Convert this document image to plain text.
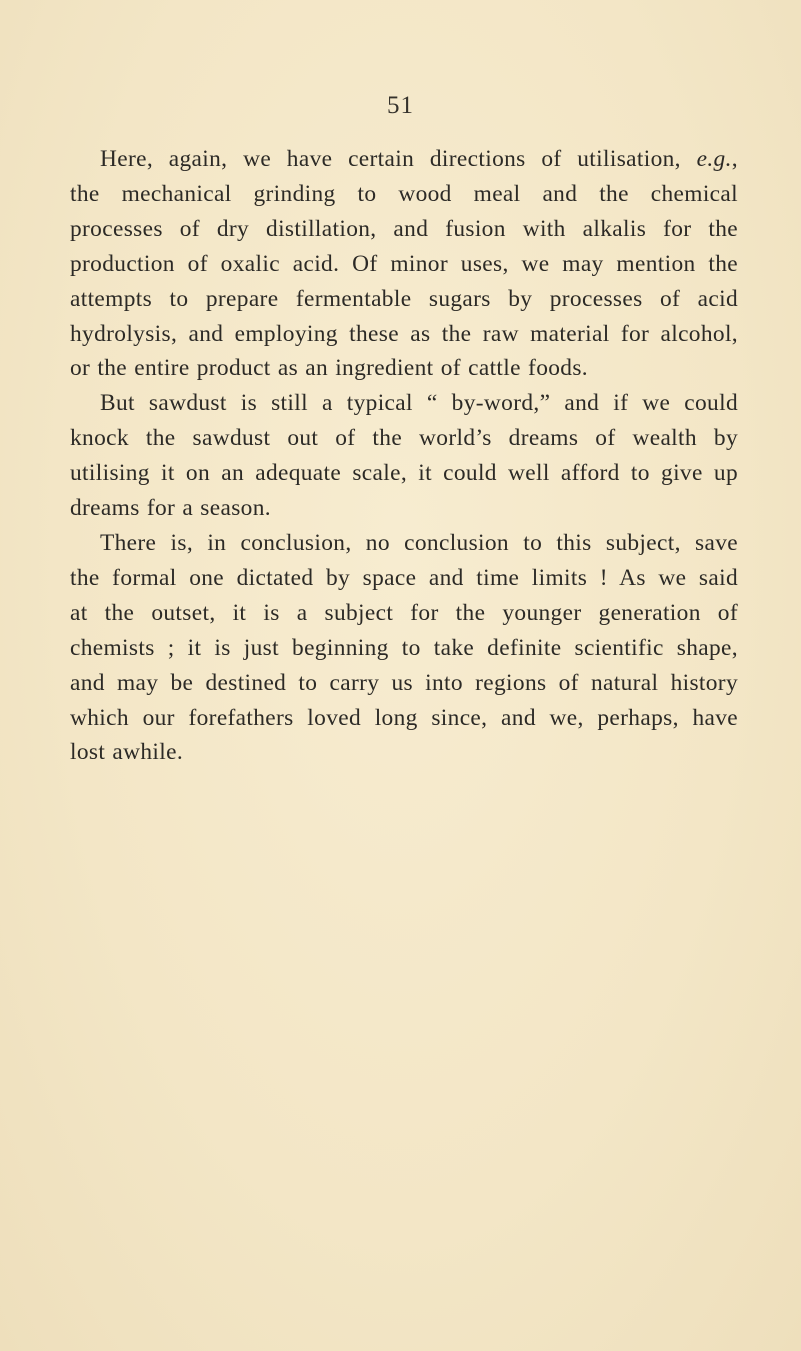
51

Here, again, we have certain directions of utilisation, e.g.,
the mechanical grinding to wood meal and the chemical
processes of dry distillation, and fusion with alkalis for the
production of oxalic acid. Of minor uses, we may mention the
attempts to prepare fermentable sugars by processes of acid
hydrolysis, and employing these as the raw material for alcohol,
or the entire product as an ingredient of cattle foods.

But sawdust is still a typical “ by-word,” and if we could
knock the sawdust out of the world’s dreams of wealth by
utilising it on an adequate scale, it could well afford to give up
dreams for a season.

There is, in conclusion, no conclusion to this subject, save
the formal one dictated by space and time limits ! As we said
at the outset, it is a subject for the younger generation of
chemists ; it is just beginning to take definite scientific shape,
and may be destined to carry us into regions of natural history
which our forefathers loved long since, and we, perhaps, have
lost awhile.
